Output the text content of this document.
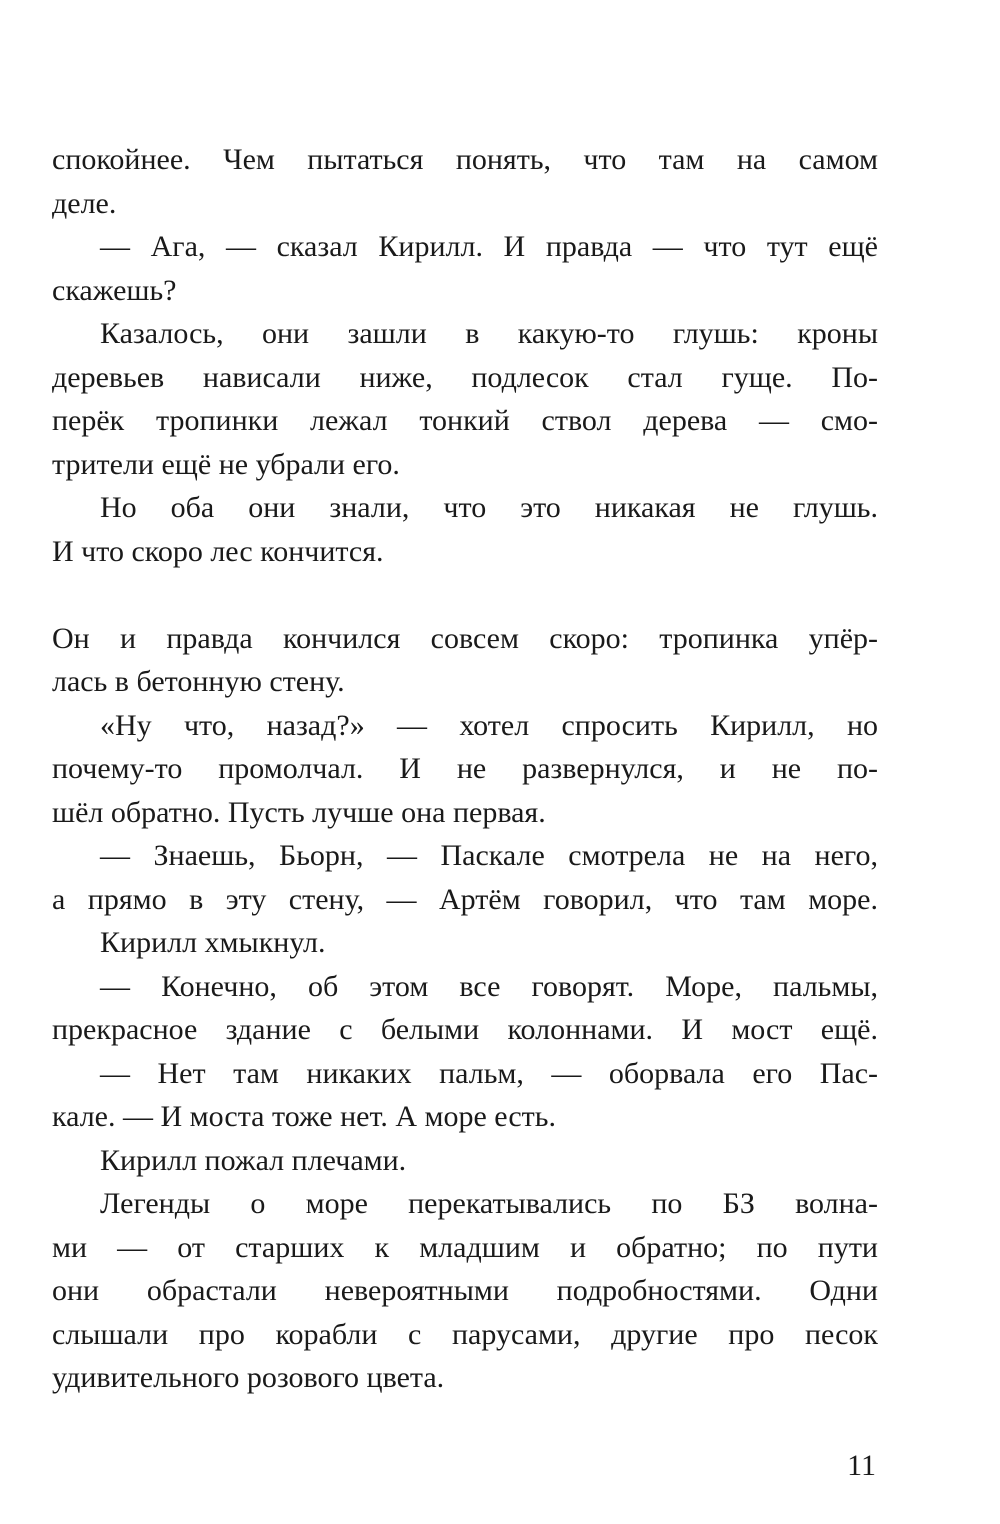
спокойнее. Чем пытаться понять, что там на самом
деле.
— Ага, — сказал Кирилл. И правда — что тут ещё
скажешь?
Казалось, они зашли в какую-то глушь: кроны
деревьев нависали ниже, подлесок стал гуще. По-
перёк тропинки лежал тонкий ствол дерева — смо-
трители ещё не убрали его.
Но оба они знали, что это никакая не глушь.
И что скоро лес кончится.
Он и правда кончился совсем скоро: тропинка упёр-
лась в бетонную стену.
«Ну что, назад?» — хотел спросить Кирилл, но
почему-то промолчал. И не развернулся, и не по-
шёл обратно. Пусть лучше она первая.
— Знаешь, Бьорн, — Паскале смотрела не на него,
а прямо в эту стену, — Артём говорил, что там море.
Кирилл хмыкнул.
— Конечно, об этом все говорят. Море, пальмы,
прекрасное здание с белыми колоннами. И мост ещё.
— Нет там никаких пальм, — оборвала его Пас-
кале. — И моста тоже нет. А море есть.
Кирилл пожал плечами.
Легенды о море перекатывались по БЗ волна-
ми — от старших к младшим и обратно; по пути
они обрастали невероятными подробностями. Одни
слышали про корабли с парусами, другие про песок
удивительного розового цвета.
11
